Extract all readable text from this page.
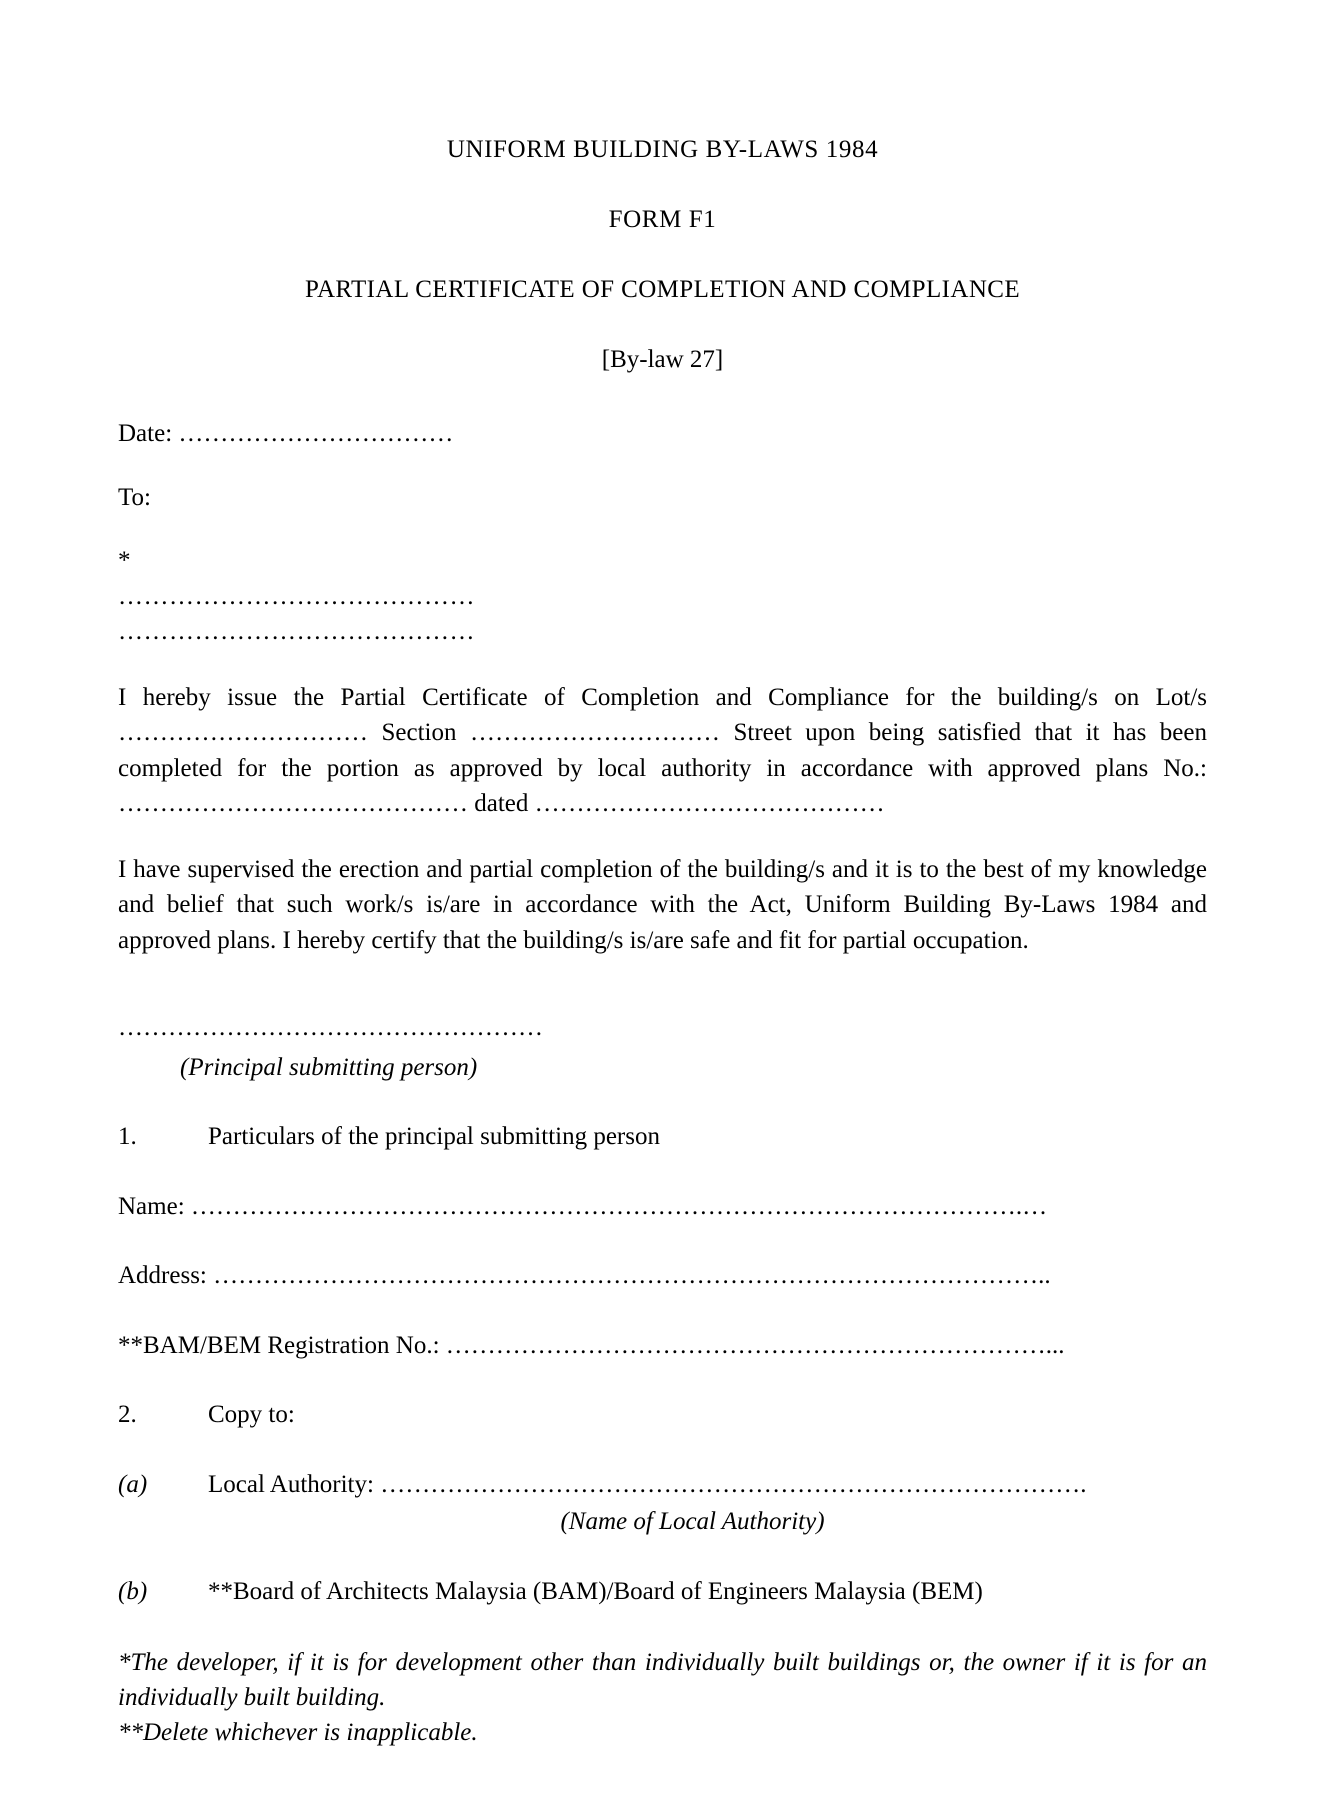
UNIFORM BUILDING BY-LAWS 1984
FORM F1
PARTIAL CERTIFICATE OF COMPLETION AND COMPLIANCE
[By-law 27]

Date: ……………………………

To:

*

……………………………………

……………………………………

I hereby issue the Partial Certificate of Completion and Compliance for the building/s on Lot/s ………………………… Section ………………………… Street upon being satisfied that it has been completed for the portion as approved by local authority in accordance with approved plans No.: …………………………………… dated ……………………………………

I have supervised the erection and partial completion of the building/s and it is to the best of my knowledge and belief that such work/s is/are in accordance with the Act, Uniform Building By-Laws 1984 and approved plans. I hereby certify that the building/s is/are safe and fit for partial occupation.

……………………………………………

(Principal submitting person)

1.	Particulars of the principal submitting person

Name: ……………………………………………………………………………………….…

Address: ………………………………………………………………………………………..

**BAM/BEM Registration No.: ………………………………………………………………...

2.	Copy to:
(a)	Local Authority: ………………………………………………………………………….

(Name of Local Authority)

(b)	**Board of Architects Malaysia (BAM)/Board of Engineers Malaysia (BEM)

*The developer, if it is for development other than individually built buildings or, the owner if it is for an individually built building.

**Delete whichever is inapplicable.
